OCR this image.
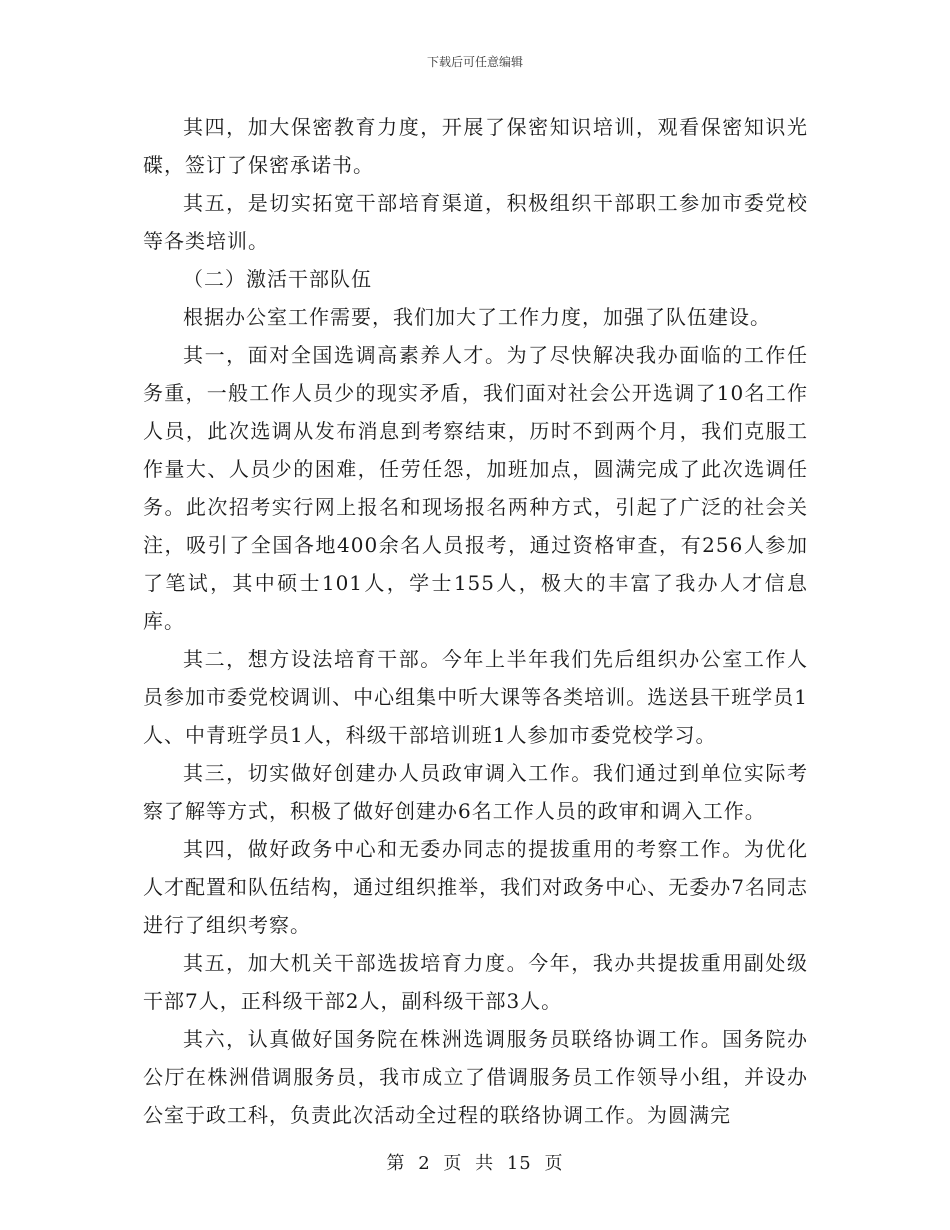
下载后可任意编辑

其四，加大保密教育力度，开展了保密知识培训，观看保密知识光碟，签订了保密承诺书。

其五，是切实拓宽干部培育渠道，积极组织干部职工参加市委党校等各类培训。

（二）激活干部队伍

根据办公室工作需要，我们加大了工作力度，加强了队伍建设。

其一，面对全国选调高素养人才。为了尽快解决我办面临的工作任务重，一般工作人员少的现实矛盾，我们面对社会公开选调了10名工作人员，此次选调从发布消息到考察结束，历时不到两个月，我们克服工作量大、人员少的困难，任劳任怨，加班加点，圆满完成了此次选调任务。此次招考实行网上报名和现场报名两种方式，引起了广泛的社会关注，吸引了全国各地400余名人员报考，通过资格审查，有256人参加了笔试，其中硕士101人，学士155人，极大的丰富了我办人才信息库。

其二，想方设法培育干部。今年上半年我们先后组织办公室工作人员参加市委党校调训、中心组集中听大课等各类培训。选送县干班学员1人、中青班学员1人，科级干部培训班1人参加市委党校学习。

其三，切实做好创建办人员政审调入工作。我们通过到单位实际考察了解等方式，积极了做好创建办6名工作人员的政审和调入工作。

其四，做好政务中心和无委办同志的提拔重用的考察工作。为优化人才配置和队伍结构，通过组织推举，我们对政务中心、无委办7名同志进行了组织考察。

其五，加大机关干部选拔培育力度。今年，我办共提拔重用副处级干部7人，正科级干部2人，副科级干部3人。

其六，认真做好国务院在株洲选调服务员联络协调工作。国务院办公厅在株洲借调服务员，我市成立了借调服务员工作领导小组，并设办公室于政工科，负责此次活动全过程的联络协调工作。为圆满完

第 2 页 共 15 页
